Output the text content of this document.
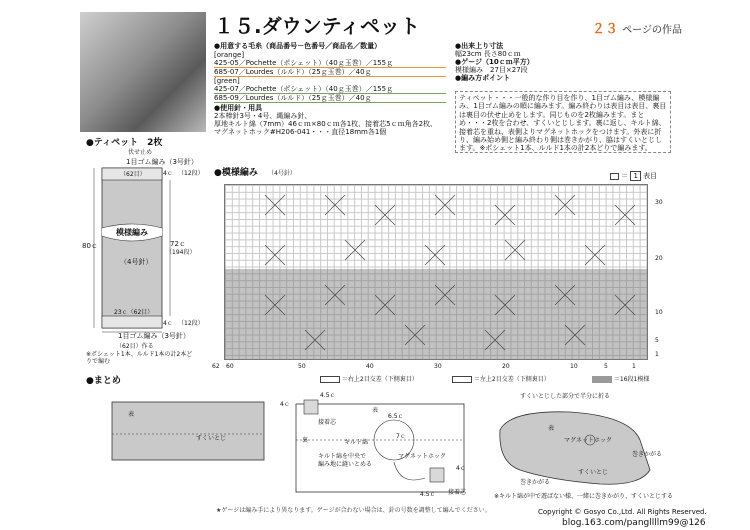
１５.ダウンティペット	２３ ページの作品
●用意する毛糸（商品番号－色番号／商品名／数量）
[orange]
425-05／Pochette（ポシェット）（40ｇ玉巻）／155ｇ
685-07／Lourdes（ルルド）（25ｇ玉巻）／40ｇ
[green]
425-07／Pochette（ポシェット）（40ｇ玉巻）／155ｇ
685-09／Lourdes（ルルド）（25ｇ玉巻）／40ｇ
●使用針・用具
2本棒針3号・4号、縄編み針、
厚地キルト綿（7mm）46ｃｍ×80ｃｍ各1枚、接着芯5ｃｍ角各2枚、
マグネットホック#H206-041・・・直径18mm各1個
●出来上り寸法
幅23cm 長さ80ｃｍ
●ゲージ（10ｃｍ平方）
模様編み　27目×27段
●編み方ポイント
ティペット・・・一般的な作り目を作り、1目ゴム編み、模様編み、1目ゴム編みの順に編みます。編み終わりは表目は表目、裏目は裏目の伏せ止めをします。同じものを2枚編みます。まとめ・・・2枚を合わせ、すくいとじします。裏に返し、キルト綿、接着芯を重ね、表側よりマグネットホックをつけます。外表に折り、編み始め側と編み終わり側は巻きかがり、脇はすくいとじします。※ポシェット1本、ルルド1本の計2本どりで編みます。
●ティペット　2枚
伏せ止め
1目ゴム編み（3号針）
（62目）	4ｃ （12段）
模様編み
（4号針）
80ｃ	72ｃ
（194段）
23ｃ（62目）
4ｃ （12段）
1目ゴム編み（3号針）
（62目）作る
※ポシェット1本、ルルド1本の計2本どりで編む
●模様編み （4号針）	＝ 1 表目
30
20
10
5
1
62 60	50	40	30	20	10	5	1
＝右上2目交差（下側裏目）	＝左上2目交差（下側裏目）	＝16段1模様
●まとめ
表
すくいとじ
4.5ｃ
4ｃ
接着芯
裏	キルト綿
6.5ｃ
7ｃ
表
キルト綿を中央で
編み地に縫いとめる
マグネットホック
4ｃ
4.5ｃ 接着芯
すくいとじした部分で半分に折る
表
マグネットホック
巻きかがる
すくいとじ
巻きかがる
※キルト綿が中で遊ばない様、一緒に巻きかがり、すくいとじする
★ゲージは編み手により異なります。ゲージが合わない場合は、針の号数を調整して編んでください。	Copyright © Gosyo Co.,Ltd. All Rights Reserved.
blog.163.com/pangllllm99@126
